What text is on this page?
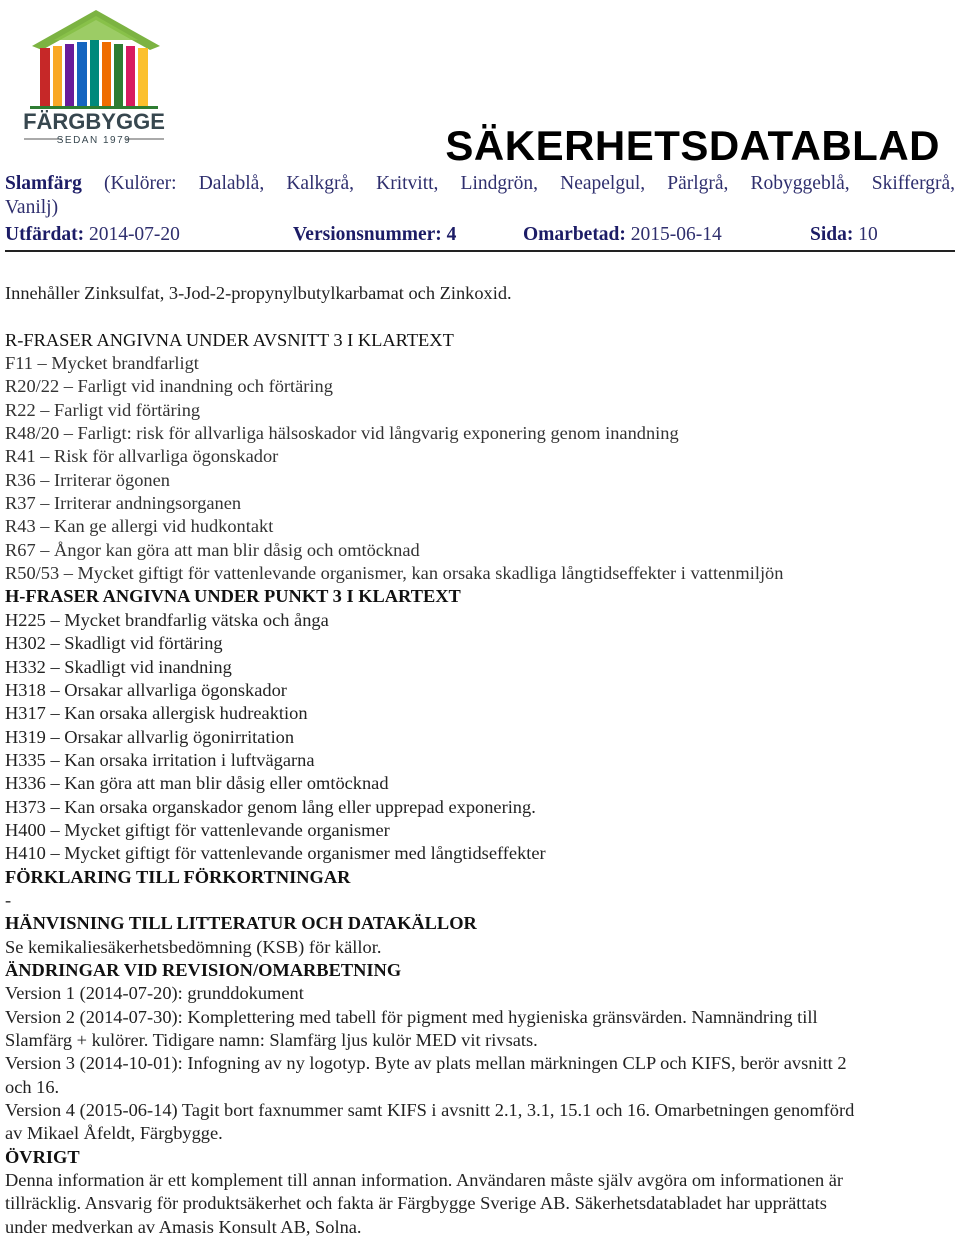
FÄRGBYGGE
SEDAN 1979	SÄKERHETSDATABLAD
Slamfärg (Kulörer: Dalablå, Kalkgrå, Kritvitt, Lindgrön, Neapelgul, Pärlgrå, Robyggeblå, Skiffergrå,
Vanilj)
Utfärdat: 2014-07-20	Versionsnummer: 4	Omarbetad: 2015-06-14	Sida: 10
Innehåller Zinksulfat, 3-Jod-2-propynylbutylkarbamat och Zinkoxid.
R-FRASER ANGIVNA UNDER AVSNITT 3 I KLARTEXT
F11 – Mycket brandfarligt
R20/22 – Farligt vid inandning och förtäring
R22 – Farligt vid förtäring
R48/20 – Farligt: risk för allvarliga hälsoskador vid långvarig exponering genom inandning
R41 – Risk för allvarliga ögonskador
R36 – Irriterar ögonen
R37 – Irriterar andningsorganen
R43 – Kan ge allergi vid hudkontakt
R67 – Ångor kan göra att man blir dåsig och omtöcknad
R50/53 – Mycket giftigt för vattenlevande organismer, kan orsaka skadliga långtidseffekter i vattenmiljön
H-FRASER ANGIVNA UNDER PUNKT 3 I KLARTEXT
H225 – Mycket brandfarlig vätska och ånga
H302 – Skadligt vid förtäring
H332 – Skadligt vid inandning
H318 – Orsakar allvarliga ögonskador
H317 – Kan orsaka allergisk hudreaktion
H319 – Orsakar allvarlig ögonirritation
H335 – Kan orsaka irritation i luftvägarna
H336 – Kan göra att man blir dåsig eller omtöcknad
H373 – Kan orsaka organskador genom lång eller upprepad exponering.
H400 – Mycket giftigt för vattenlevande organismer
H410 – Mycket giftigt för vattenlevande organismer med långtidseffekter
FÖRKLARING TILL FÖRKORTNINGAR
-
HÄNVISNING TILL LITTERATUR OCH DATAKÄLLOR
Se kemikaliesäkerhetsbedömning (KSB) för källor.
ÄNDRINGAR VID REVISION/OMARBETNING
Version 1 (2014-07-20): grunddokument
Version 2 (2014-07-30): Komplettering med tabell för pigment med hygieniska gränsvärden. Namnändring till
Slamfärg + kulörer. Tidigare namn: Slamfärg ljus kulör MED vit rivsats.
Version 3 (2014-10-01): Infogning av ny logotyp. Byte av plats mellan märkningen CLP och KIFS, berör avsnitt 2
och 16.
Version 4 (2015-06-14) Tagit bort faxnummer samt KIFS i avsnitt 2.1, 3.1, 15.1 och 16. Omarbetningen genomförd
av Mikael Åfeldt, Färgbygge.
ÖVRIGT
Denna information är ett komplement till annan information. Användaren måste själv avgöra om informationen är
tillräcklig. Ansvarig för produktsäkerhet och fakta är Färgbygge Sverige AB. Säkerhetsdatabladet har upprättats
under medverkan av Amasis Konsult AB, Solna.
